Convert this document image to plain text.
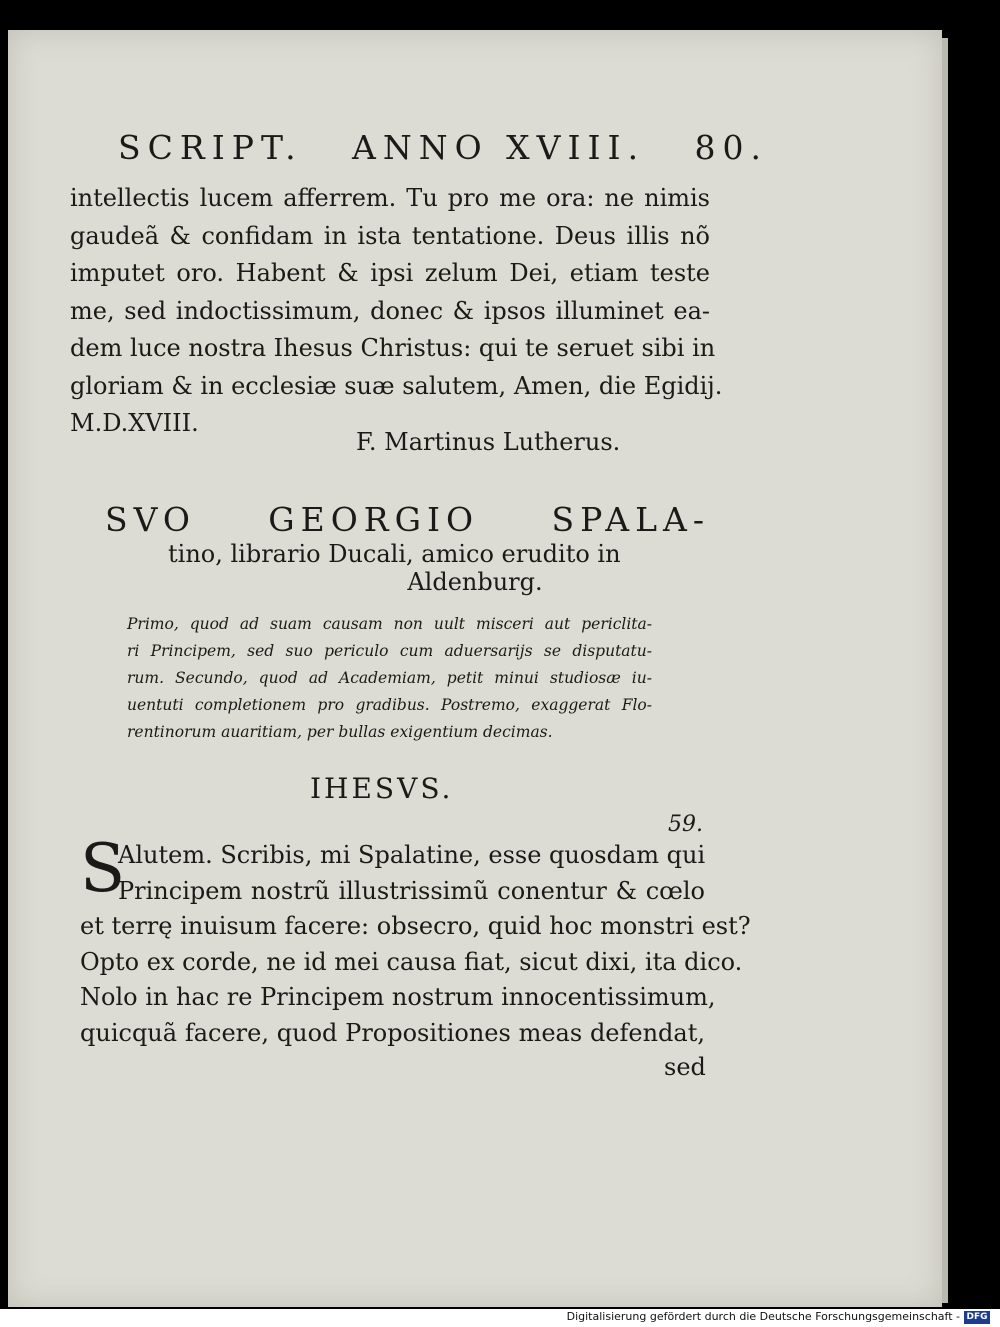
SCRIPT. ANNO XVIII. 80.
intellectis lucem afferrem. Tu pro me ora: ne nimis
gaudeã & confidam in ista tentatione. Deus illis nõ
imputet oro. Habent & ipsi zelum Dei, etiam teste
me, sed indoctissimum, donec & ipsos illuminet ea-
dem luce nostra Ihesus Christus: qui te seruet sibi in
gloriam & in ecclesiæ suæ salutem, Amen, die Egidij.
M.D.XVIII.
F. Martinus Lutherus.
SVO GEORGIO SPALA-
tino, librario Ducali, amico erudito in
Aldenburg.
Primo, quod ad suam causam non uult misceri aut periclita-
ri Principem, sed suo periculo cum aduersarijs se disputatu-
rum. Secundo, quod ad Academiam, petit minui studiosæ iu-
uentuti completionem pro gradibus. Postremo, exaggerat Flo-
rentinorum auaritiam, per bullas exigentium decimas.
IHESVS.
59.
S
Alutem. Scribis, mi Spalatine, esse quosdam qui
Principem nostrũ illustrissimũ conentur & cœlo
et terrę inuisum facere: obsecro, quid hoc monstri est?
Opto ex corde, ne id mei causa fiat, sicut dixi, ita dico.
Nolo in hac re Principem nostrum innocentissimum,
quicquã facere, quod Propositiones meas defendat,
sed
Digitalisierung gefördert durch die Deutsche Forschungsgemeinschaft - DFG
